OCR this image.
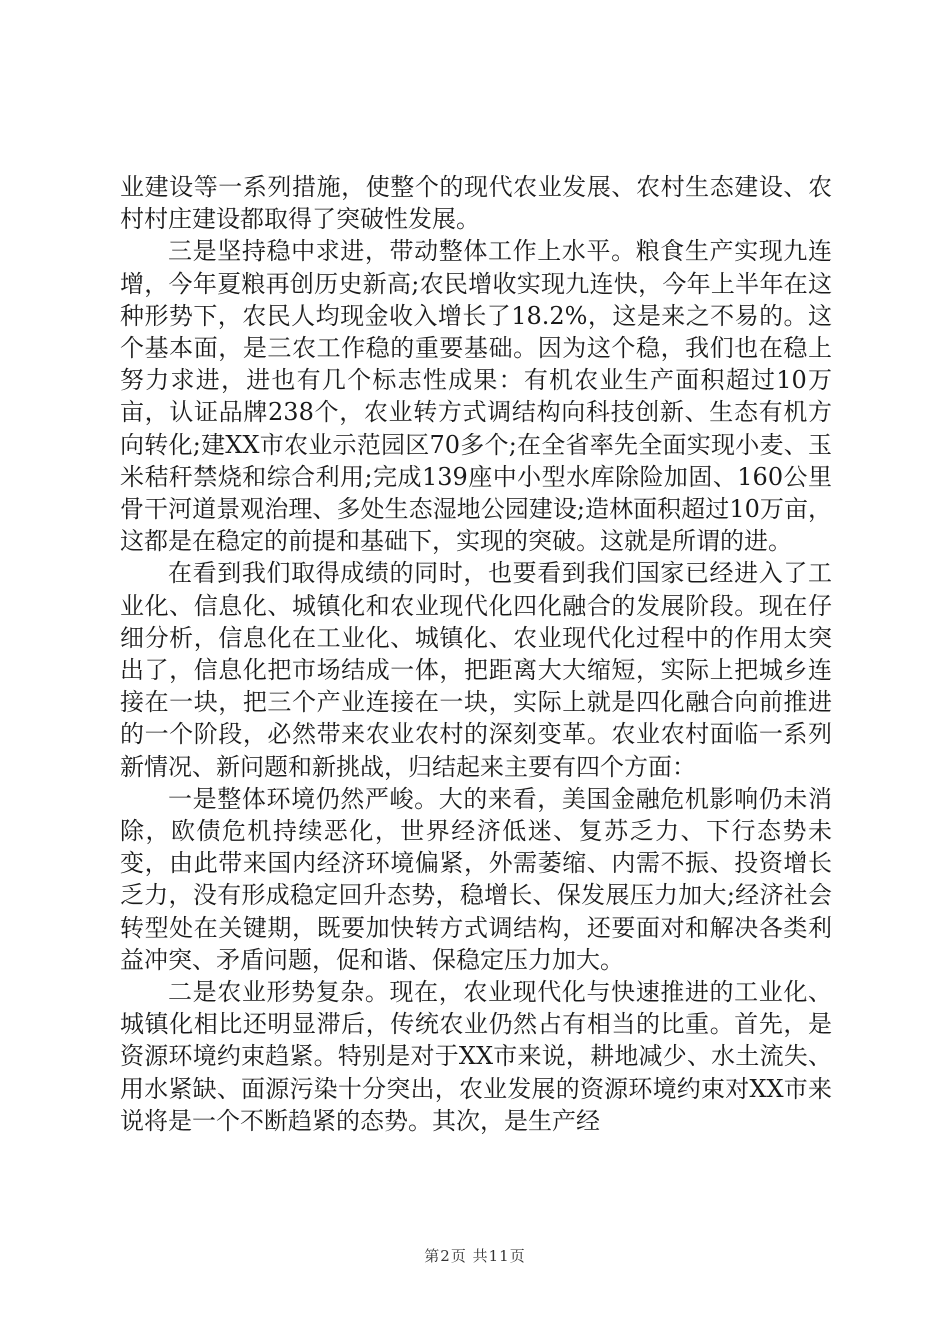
业建设等一系列措施，使整个的现代农业发展、农村生态建设、农村村庄建设都取得了突破性发展。

三是坚持稳中求进，带动整体工作上水平。粮食生产实现九连增，今年夏粮再创历史新高;农民增收实现九连快，今年上半年在这种形势下，农民人均现金收入增长了18.2%，这是来之不易的。这个基本面，是三农工作稳的重要基础。因为这个稳，我们也在稳上努力求进，进也有几个标志性成果：有机农业生产面积超过10万亩，认证品牌238个，农业转方式调结构向科技创新、生态有机方向转化;建XX市农业示范园区70多个;在全省率先全面实现小麦、玉米秸秆禁烧和综合利用;完成139座中小型水库除险加固、160公里骨干河道景观治理、多处生态湿地公园建设;造林面积超过10万亩，这都是在稳定的前提和基础下，实现的突破。这就是所谓的进。

在看到我们取得成绩的同时，也要看到我们国家已经进入了工业化、信息化、城镇化和农业现代化四化融合的发展阶段。现在仔细分析，信息化在工业化、城镇化、农业现代化过程中的作用太突出了，信息化把市场结成一体，把距离大大缩短，实际上把城乡连接在一块，把三个产业连接在一块，实际上就是四化融合向前推进的一个阶段，必然带来农业农村的深刻变革。农业农村面临一系列新情况、新问题和新挑战，归结起来主要有四个方面：

一是整体环境仍然严峻。大的来看，美国金融危机影响仍未消除，欧债危机持续恶化，世界经济低迷、复苏乏力、下行态势未变，由此带来国内经济环境偏紧，外需萎缩、内需不振、投资增长乏力，没有形成稳定回升态势，稳增长、保发展压力加大;经济社会转型处在关键期，既要加快转方式调结构，还要面对和解决各类利益冲突、矛盾问题，促和谐、保稳定压力加大。

二是农业形势复杂。现在，农业现代化与快速推进的工业化、城镇化相比还明显滞后，传统农业仍然占有相当的比重。首先，是资源环境约束趋紧。特别是对于XX市来说，耕地减少、水土流失、用水紧缺、面源污染十分突出，农业发展的资源环境约束对XX市来说将是一个不断趋紧的态势。其次，是生产经

第2页 共11页
